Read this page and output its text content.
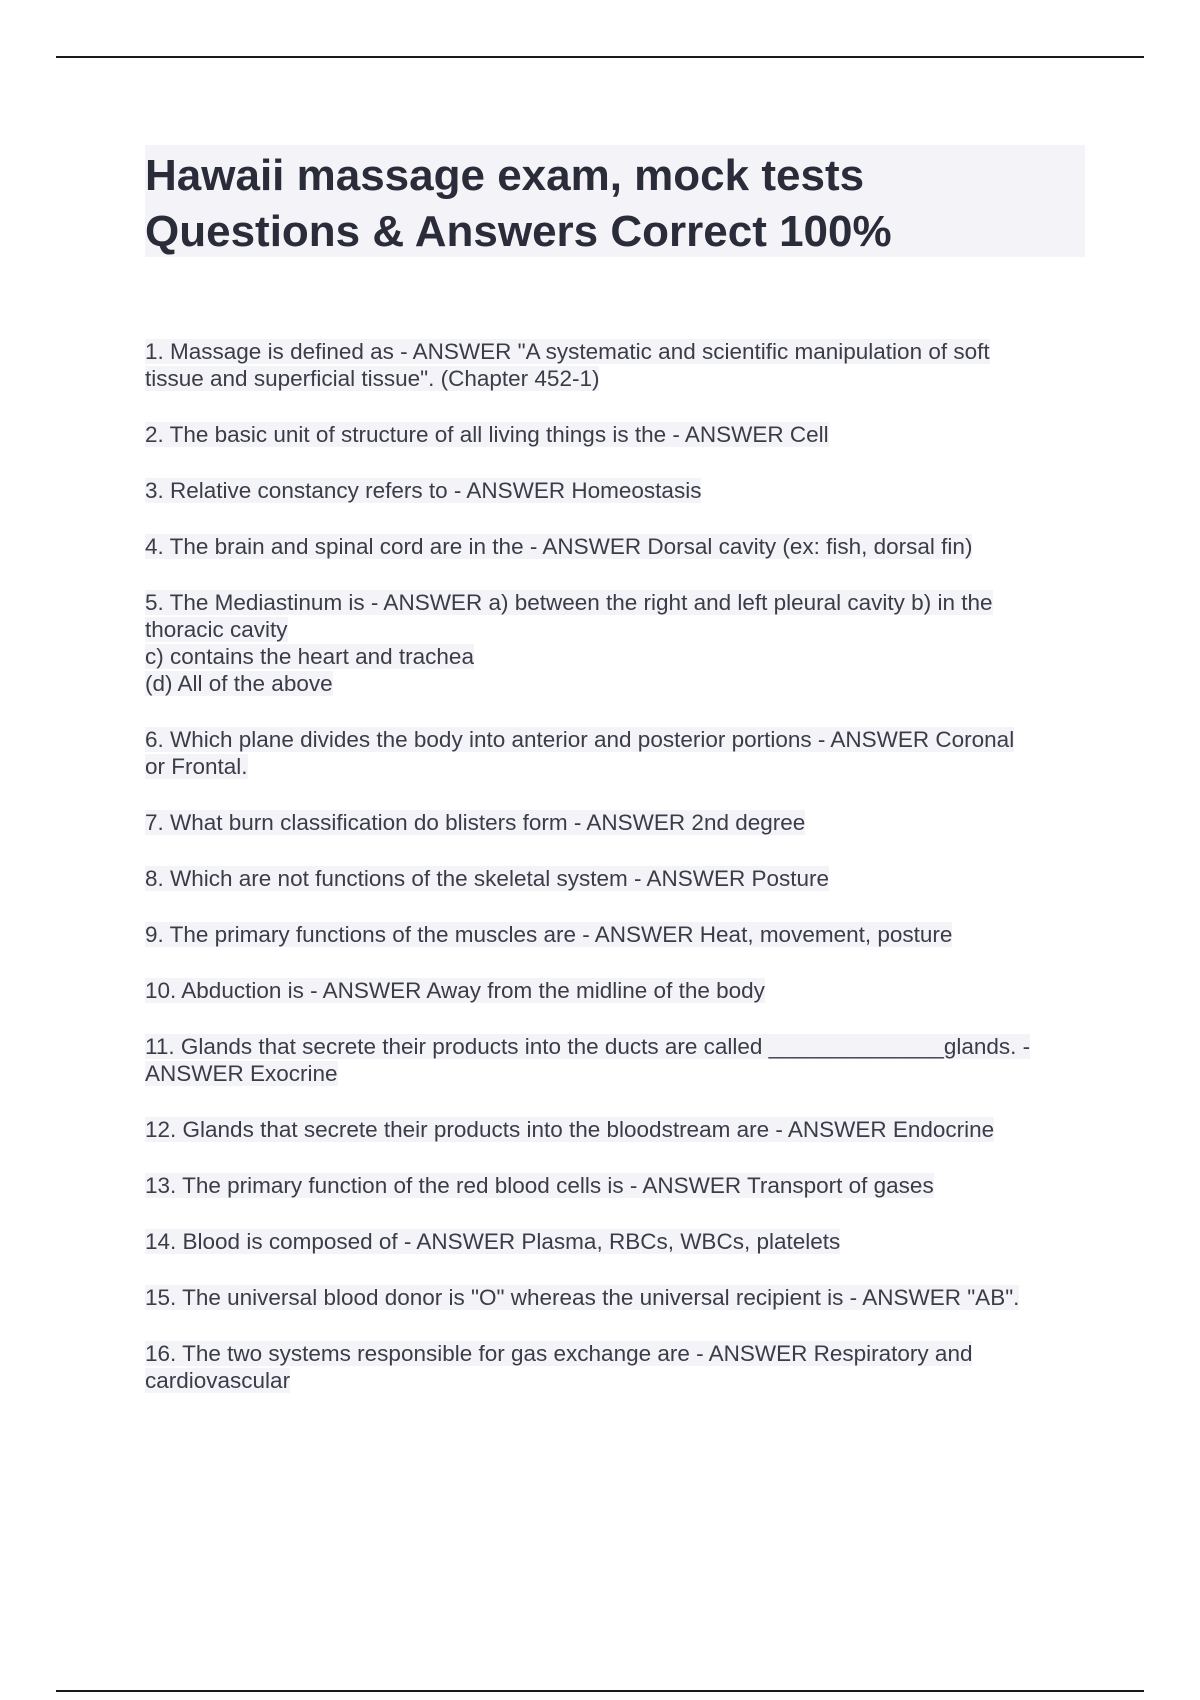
Hawaii massage exam, mock tests
Questions & Answers Correct 100%
1. Massage is defined as - ANSWER "A systematic and scientific manipulation of soft
tissue and superficial tissue". (Chapter 452-1)
2. The basic unit of structure of all living things is the - ANSWER Cell
3. Relative constancy refers to - ANSWER Homeostasis
4. The brain and spinal cord are in the - ANSWER Dorsal cavity (ex: fish, dorsal fin)
5. The Mediastinum is - ANSWER a) between the right and left pleural cavity b) in the
thoracic cavity
c) contains the heart and trachea
(d) All of the above
6. Which plane divides the body into anterior and posterior portions - ANSWER Coronal
or Frontal.
7. What burn classification do blisters form - ANSWER 2nd degree
8. Which are not functions of the skeletal system - ANSWER Posture
9. The primary functions of the muscles are - ANSWER Heat, movement, posture
10. Abduction is - ANSWER Away from the midline of the body
11. Glands that secrete their products into the ducts are called ______________glands. -
ANSWER Exocrine
12. Glands that secrete their products into the bloodstream are - ANSWER Endocrine
13. The primary function of the red blood cells is - ANSWER Transport of gases
14. Blood is composed of - ANSWER Plasma, RBCs, WBCs, platelets
15. The universal blood donor is "O" whereas the universal recipient is - ANSWER "AB".
16. The two systems responsible for gas exchange are - ANSWER Respiratory and
cardiovascular
